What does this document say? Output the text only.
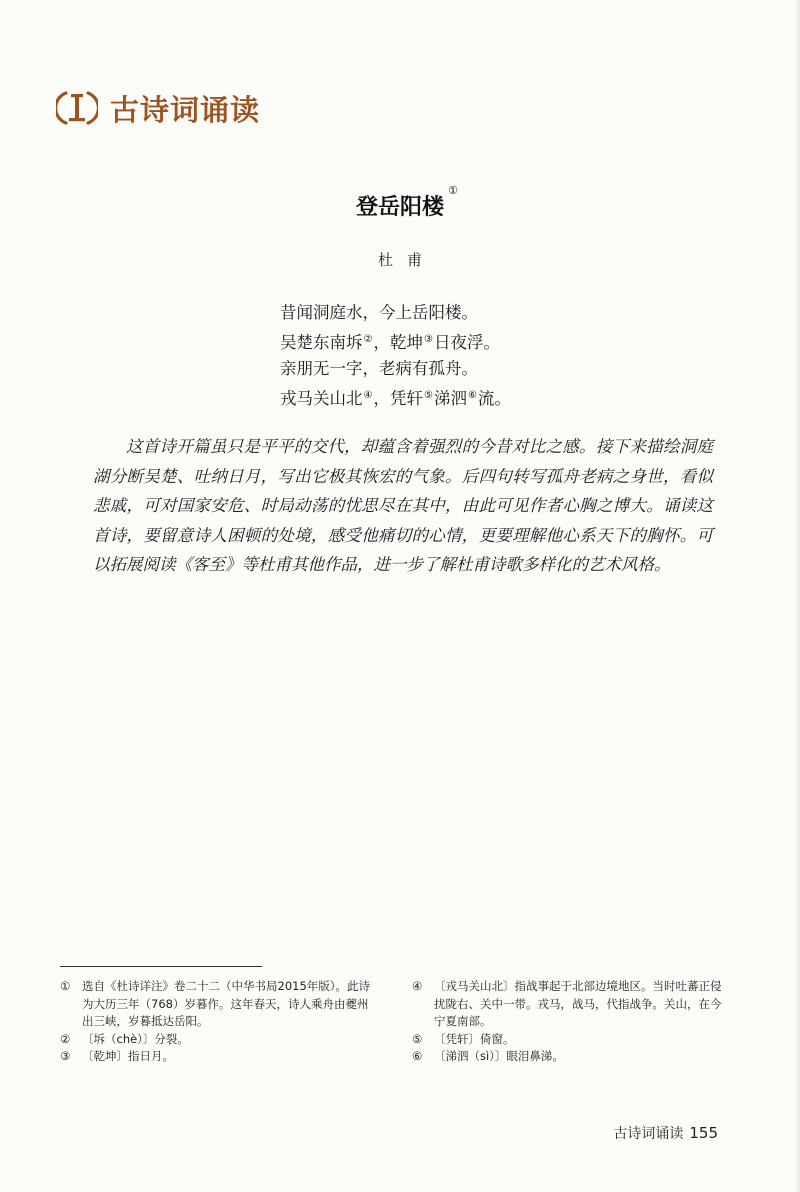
古诗词诵读
登岳阳楼
①
杜甫
昔闻洞庭水，今上岳阳楼。
吴楚东南坼②，乾坤③日夜浮。
亲朋无一字，老病有孤舟。
戎马关山北④，凭轩⑤涕泗⑥流。

这首诗开篇虽只是平平的交代，却蕴含着强烈的今昔对比之感。接下来描绘洞庭湖分断吴楚、吐纳日月，写出它极其恢宏的气象。后四句转写孤舟老病之身世，看似悲戚，可对国家安危、时局动荡的忧思尽在其中，由此可见作者心胸之博大。诵读这首诗，要留意诗人困顿的处境，感受他痛切的心情，更要理解他心系天下的胸怀。可以拓展阅读《客至》等杜甫其他作品，进一步了解杜甫诗歌多样化的艺术风格。

①	选自《杜诗详注》卷二十二（中华书局2015年版）。此诗为大历三年（768）岁暮作。这年春天，诗人乘舟由夔州出三峡，岁暮抵达岳阳。
②	〔坼（chè）〕分裂。
③	〔乾坤〕指日月。
④	〔戎马关山北〕指战事起于北部边境地区。当时吐蕃正侵扰陇右、关中一带。戎马，战马，代指战争。关山，在今宁夏南部。
⑤	〔凭轩〕倚窗。
⑥	〔涕泗（sì）〕眼泪鼻涕。
古诗词诵读 155
